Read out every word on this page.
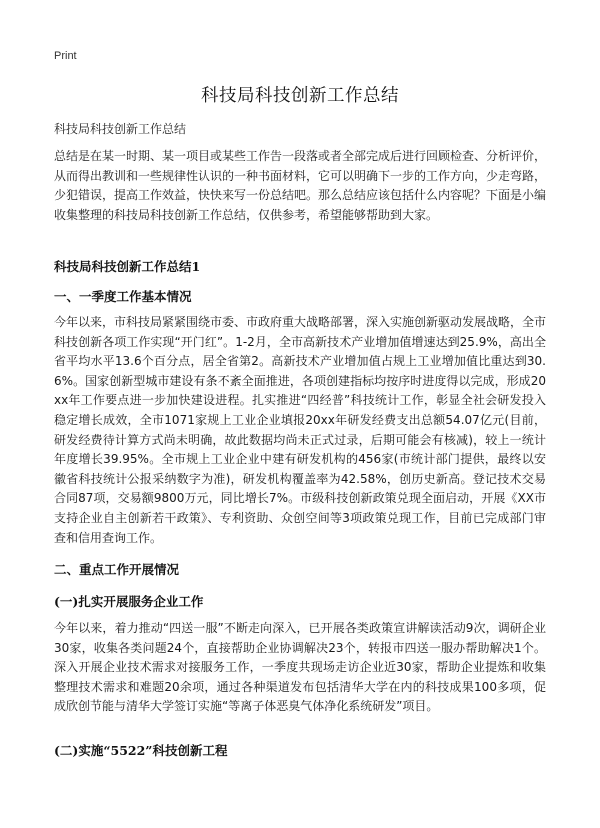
Print
科技局科技创新工作总结
科技局科技创新工作总结
总结是在某一时期、某一项目或某些工作告一段落或者全部完成后进行回顾检查、分析评价，从而得出教训和一些规律性认识的一种书面材料，它可以明确下一步的工作方向，少走弯路，少犯错误，提高工作效益，快快来写一份总结吧。那么总结应该包括什么内容呢？下面是小编收集整理的科技局科技创新工作总结，仅供参考，希望能够帮助到大家。
科技局科技创新工作总结1
一、一季度工作基本情况
今年以来，市科技局紧紧围绕市委、市政府重大战略部署，深入实施创新驱动发展战略，全市科技创新各项工作实现“开门红”。1-2月，全市高新技术产业增加值增速达到25.9%，高出全省平均水平13.6个百分点，居全省第2。高新技术产业增加值占规上工业增加值比重达到30.6%。国家创新型城市建设有条不紊全面推进，各项创建指标均按序时进度得以完成，形成20xx年工作要点进一步加快建设进程。扎实推进“四经普”科技统计工作，彰显全社会研发投入稳定增长成效，全市1071家规上工业企业填报20xx年研发经费支出总额54.07亿元(目前，研发经费待计算方式尚未明确，故此数据均尚未正式过录，后期可能会有核减)，较上一统计年度增长39.95%。全市规上工业企业中建有研发机构的456家(市统计部门提供，最终以安徽省科技统计公报采纳数字为准)，研发机构覆盖率为42.58%，创历史新高。登记技术交易合同87项，交易额9800万元，同比增长7%。市级科技创新政策兑现全面启动，开展《XX市支持企业自主创新若干政策》、专利资助、众创空间等3项政策兑现工作，目前已完成部门审查和信用查询工作。
二、重点工作开展情况
(一)扎实开展服务企业工作
今年以来，着力推动“四送一服”不断走向深入，已开展各类政策宣讲解读活动9次，调研企业30家，收集各类问题24个，直接帮助企业协调解决23个，转报市四送一服办帮助解决1个。深入开展企业技术需求对接服务工作，一季度共现场走访企业近30家，帮助企业提炼和收集整理技术需求和难题20余项，通过各种渠道发布包括清华大学在内的科技成果100多项，促成欣创节能与清华大学签订实施“等离子体恶臭气体净化系统研发”项目。
(二)实施“5522”科技创新工程
